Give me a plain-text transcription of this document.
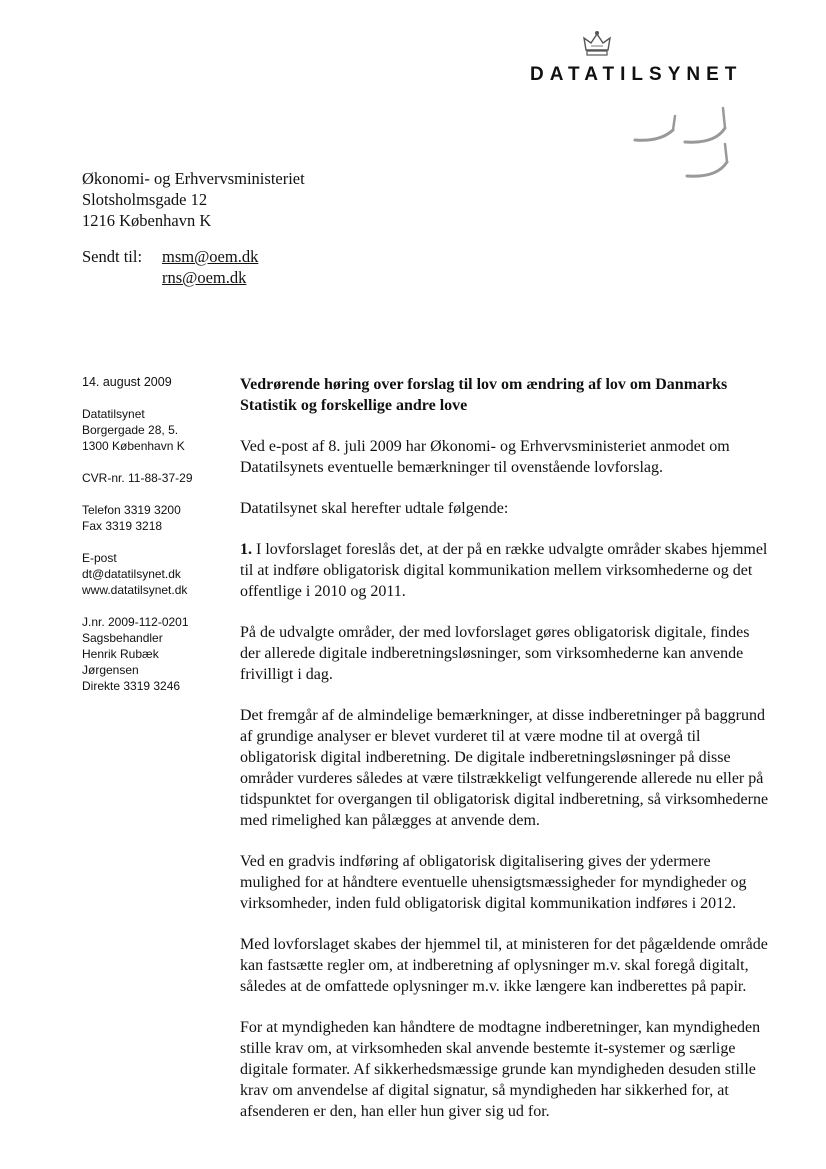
DATATILSYNET
Økonomi- og Erhvervsministeriet
Slotsholmsgade 12
1216 København K
Sendt til: msm@oem.dk
rns@oem.dk
14. august 2009
Datatilsynet
Borgergade 28, 5.
1300 København K
CVR-nr. 11-88-37-29
Telefon 3319 3200
Fax 3319 3218
E-post
dt@datatilsynet.dk
www.datatilsynet.dk
J.nr. 2009-112-0201
Sagsbehandler
Henrik Rubæk
Jørgensen
Direkte 3319 3246
Vedrørende høring over forslag til lov om ændring af lov om Danmarks Statistik og forskellige andre love

Ved e-post af 8. juli 2009 har Økonomi- og Erhvervsministeriet anmodet om Datatilsynets eventuelle bemærkninger til ovenstående lovforslag.

Datatilsynet skal herefter udtale følgende:

1. I lovforslaget foreslås det, at der på en række udvalgte områder skabes hjemmel til at indføre obligatorisk digital kommunikation mellem virksomhederne og det offentlige i 2010 og 2011.

På de udvalgte områder, der med lovforslaget gøres obligatorisk digitale, findes der allerede digitale indberetningsløsninger, som virksomhederne kan anvende frivilligt i dag.

Det fremgår af de almindelige bemærkninger, at disse indberetninger på baggrund af grundige analyser er blevet vurderet til at være modne til at overgå til obligatorisk digital indberetning. De digitale indberetningsløsninger på disse områder vurderes således at være tilstrækkeligt velfungerende allerede nu eller på tidspunktet for overgangen til obligatorisk digital indberetning, så virksomhederne med rimelighed kan pålægges at anvende dem.

Ved en gradvis indføring af obligatorisk digitalisering gives der ydermere mulighed for at håndtere eventuelle uhensigtsmæssigheder for myndigheder og virksomheder, inden fuld obligatorisk digital kommunikation indføres i 2012.

Med lovforslaget skabes der hjemmel til, at ministeren for det pågældende område kan fastsætte regler om, at indberetning af oplysninger m.v. skal foregå digitalt, således at de omfattede oplysninger m.v. ikke længere kan indberettes på papir.

For at myndigheden kan håndtere de modtagne indberetninger, kan myndigheden stille krav om, at virksomheden skal anvende bestemte it-systemer og særlige digitale formater. Af sikkerhedsmæssige grunde kan myndigheden desuden stille krav om anvendelse af digital signatur, så myndigheden har sikkerhed for, at afsenderen er den, han eller hun giver sig ud for.
